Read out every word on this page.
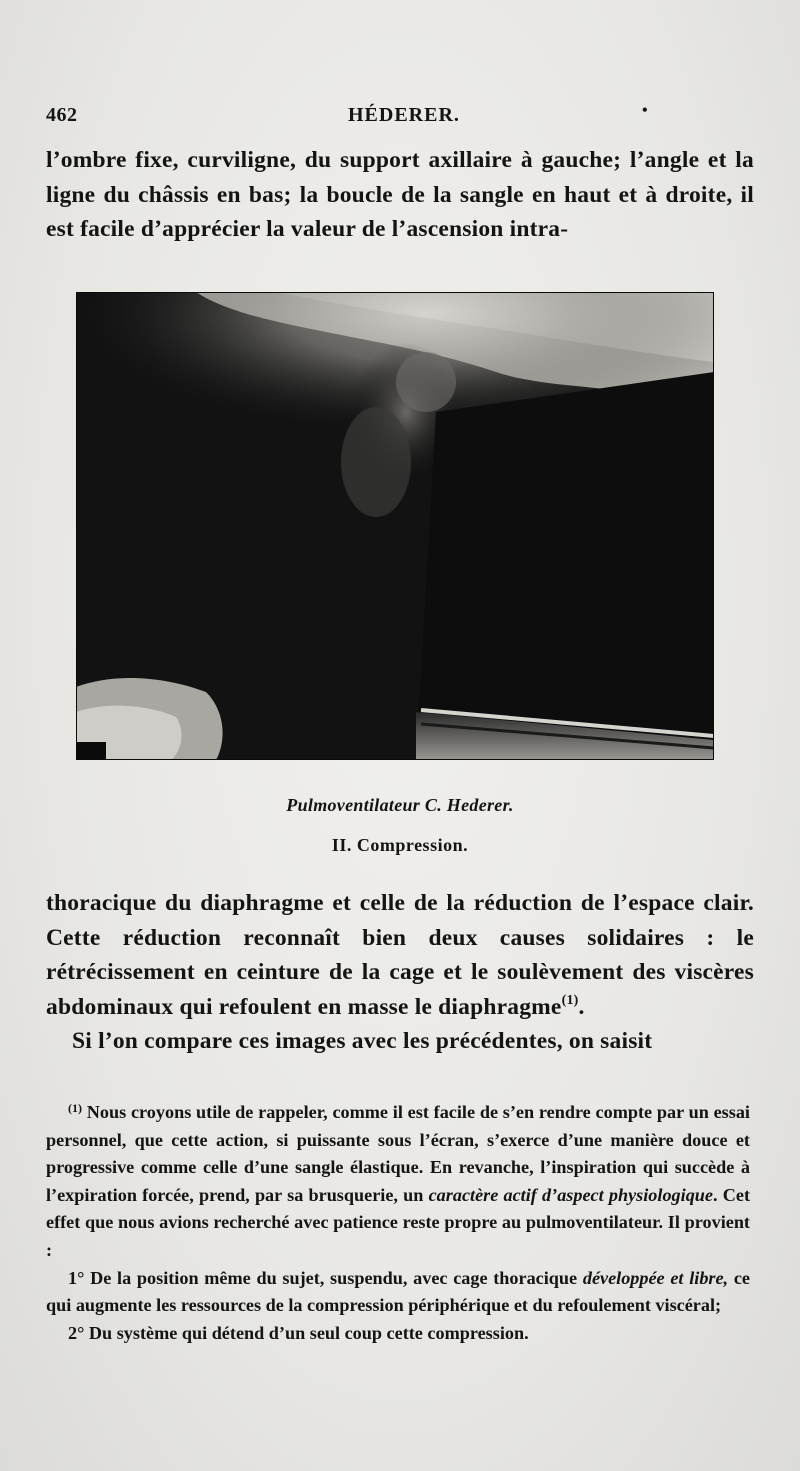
462	HÉDERER.	•

l’ombre fixe, curviligne, du support axillaire à gauche; l’angle et la ligne du châssis en bas; la boucle de la sangle en haut et à droite, il est facile d’apprécier la valeur de l’ascension intra-

Pulmoventilateur C. Hederer.
II. Compression.

thoracique du diaphragme et celle de la réduction de l’espace clair. Cette réduction reconnaît bien deux causes solidaires : le rétrécissement en ceinture de la cage et le soulèvement des viscères abdominaux qui refoulent en masse le diaphragme$^{(1)}$.
Si l’on compare ces images avec les précédentes, on saisit

$^{(1)}$ Nous croyons utile de rappeler, comme il est facile de s’en rendre compte par un essai personnel, que cette action, si puissante sous l’écran, s’exerce d’une manière douce et progressive comme celle d’une sangle élastique. En revanche, l’inspiration qui succède à l’expiration forcée, prend, par sa brusquerie, un caractère actif d’aspect physiologique. Cet effet que nous avions recherché avec patience reste propre au pulmoventilateur. Il provient :
1° De la position même du sujet, suspendu, avec cage thoracique développée et libre, ce qui augmente les ressources de la compression périphérique et du refoulement viscéral;
2° Du système qui détend d’un seul coup cette compression.
